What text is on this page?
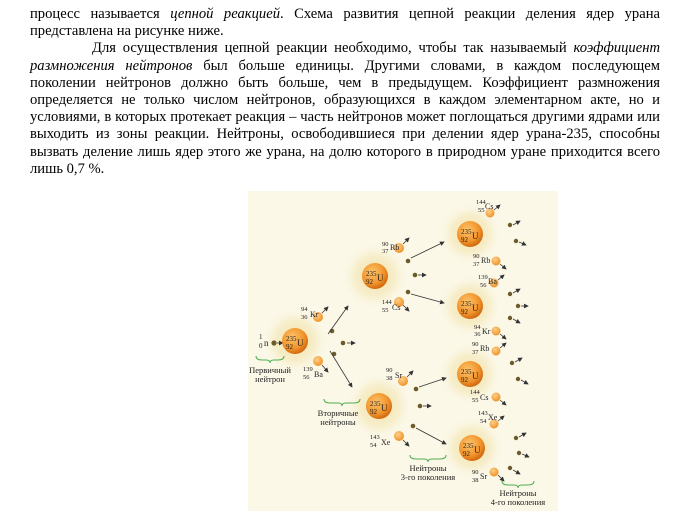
процесс называется цепной реакцией. Схема развития цепной реакции деления ядер урана представлена на рисунке ниже.

Для осуществления цепной реакции необходимо, чтобы так называемый коэффициент размножения нейтронов был больше единицы. Другими словами, в каждом последующем поколении нейтронов должно быть больше, чем в предыдущем. Коэффициент размножения определяется не только числом нейтронов, образующихся в каждом элементарном акте, но и условиями, в которых протекает реакция – часть нейтронов может поглощаться другими ядрами или выходить из зоны реакции. Нейтроны, освободившиеся при делении ядер урана-235, способны вызвать деление лишь ядер этого же урана, на долю которого в природном уране приходится всего лишь 0,7 %.

1
0 n	235
92 U
235
92 U
235
92 U
235
92 U
235
92 U
235
92 U
235
92 U
94
36 Kr
139
56 Ba
90
37 Rb
144
55 Cs
90
38 Sr
143
54 Xe
144
55 Cs
90
37 Rb
139
56 Ba
94
36 Kr
90
37 Rb
144
55 Cs
143
54 Xe
90
38 Sr
Первичный
нейтрон
Вторичные
нейтроны
Нейтроны
3-го поколения
Нейтроны
4-го поколения
